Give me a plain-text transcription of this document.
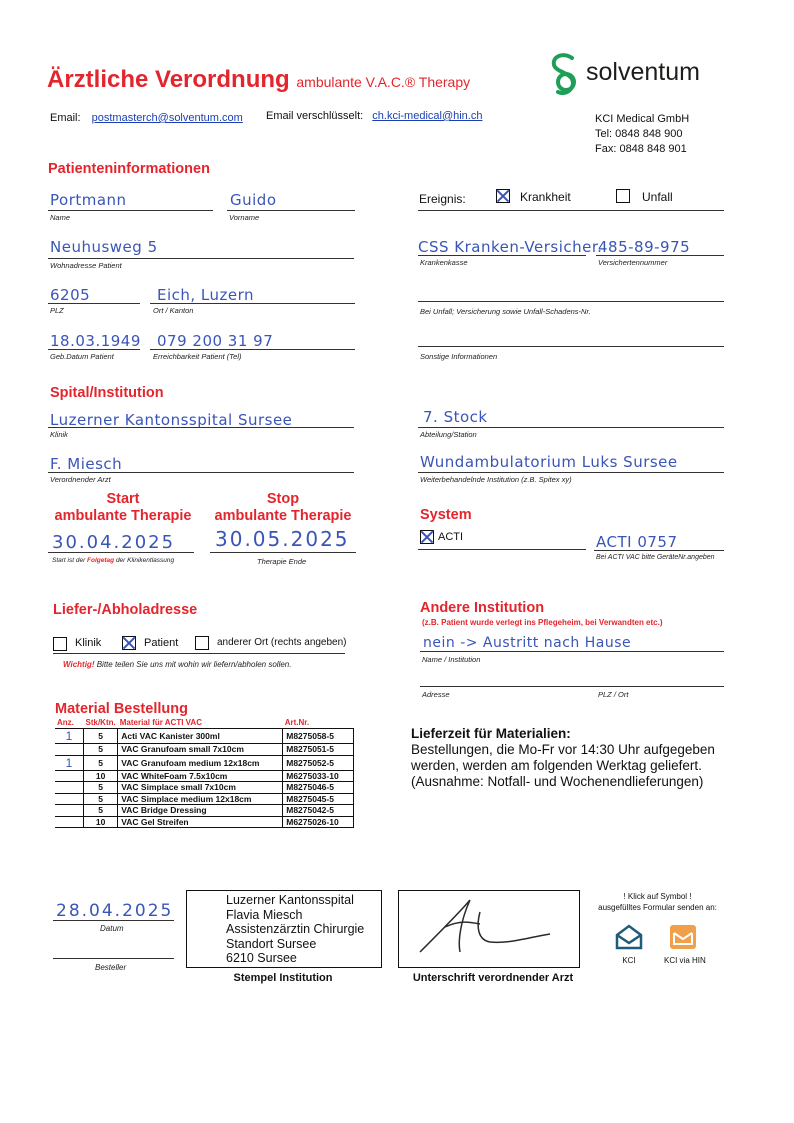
Ärztliche Verordnung ambulante V.A.C.® Therapy	solventum
Email: postmasterch@solventum.com Email verschlüsselt: ch.kci-medical@hin.ch	KCI Medical GmbH
Tel: 0848 848 900
Fax: 0848 848 901
Patienteninformationen
Portmann
Name
Guido
Vorname
Neuhusweg 5
Wohnadresse Patient
6205
PLZ
Eich, Luzern
Ort / Kanton
18.03.1949
Geb.Datum Patient
079 200 31 97
Erreichbarkeit Patient (Tel)
Ereignis:	Krankheit	Unfall
CSS Kranken-Versicher.
Krankenkasse
485-89-975
Versichertennummer
Bei Unfall; Versicherung sowie Unfall-Schadens-Nr.
Sonstige Informationen
Spital/Institution
Luzerner Kantonsspital Sursee
Klinik
7. Stock
Abteilung/Station
F. Miesch
Verordnender Arzt
Wundambulatorium Luks Sursee
Weiterbehandelnde Institution (z.B. Spitex xy)
Start
ambulante Therapie
Stop
ambulante Therapie
30.04.2025
Start ist der Folgetag der Klinikentlassung
30.05.2025
Therapie Ende
System
ACTI	ACTI 0757
Bei ACTI VAC bitte GeräteNr.angeben
Liefer-/Abholadresse
Klinik	Patient	anderer Ort (rechts angeben)
Wichtig! Bitte teilen Sie uns mit wohin wir liefern/abholen sollen.
Andere Institution
(z.B. Patient wurde verlegt ins Pflegeheim, bei Verwandten etc.)
nein -> Austritt nach Hause
Name / Institution
Adresse	PLZ / Ort
Material Bestellung
Anz.	Stk/Ktn.	Material für ACTI VAC	Art.Nr.
1	5	Acti VAC Kanister 300ml	M8275058-5
	5	VAC Granufoam small 7x10cm	M8275051-5
1	5	VAC Granufoam medium 12x18cm	M8275052-5
	10	VAC WhiteFoam 7.5x10cm	M6275033-10
	5	VAC Simplace small 7x10cm	M8275046-5
	5	VAC Simplace medium 12x18cm	M8275045-5
	5	VAC Bridge Dressing	M8275042-5
	10	VAC Gel Streifen	M6275026-10
Lieferzeit für Materialien:
Bestellungen, die Mo-Fr vor 14:30 Uhr aufgegeben
werden, werden am folgenden Werktag geliefert.
(Ausnahme: Notfall- und Wochenendlieferungen)
28.04.2025
Datum
Besteller
Luzerner Kantonsspital
Flavia Miesch
Assistenzärztin Chirurgie
Standort Sursee
6210 Sursee
Stempel Institution	Unterschrift verordnender Arzt
! Klick auf Symbol !
ausgefülltes Formular senden an:
KCI	KCI via HIN
